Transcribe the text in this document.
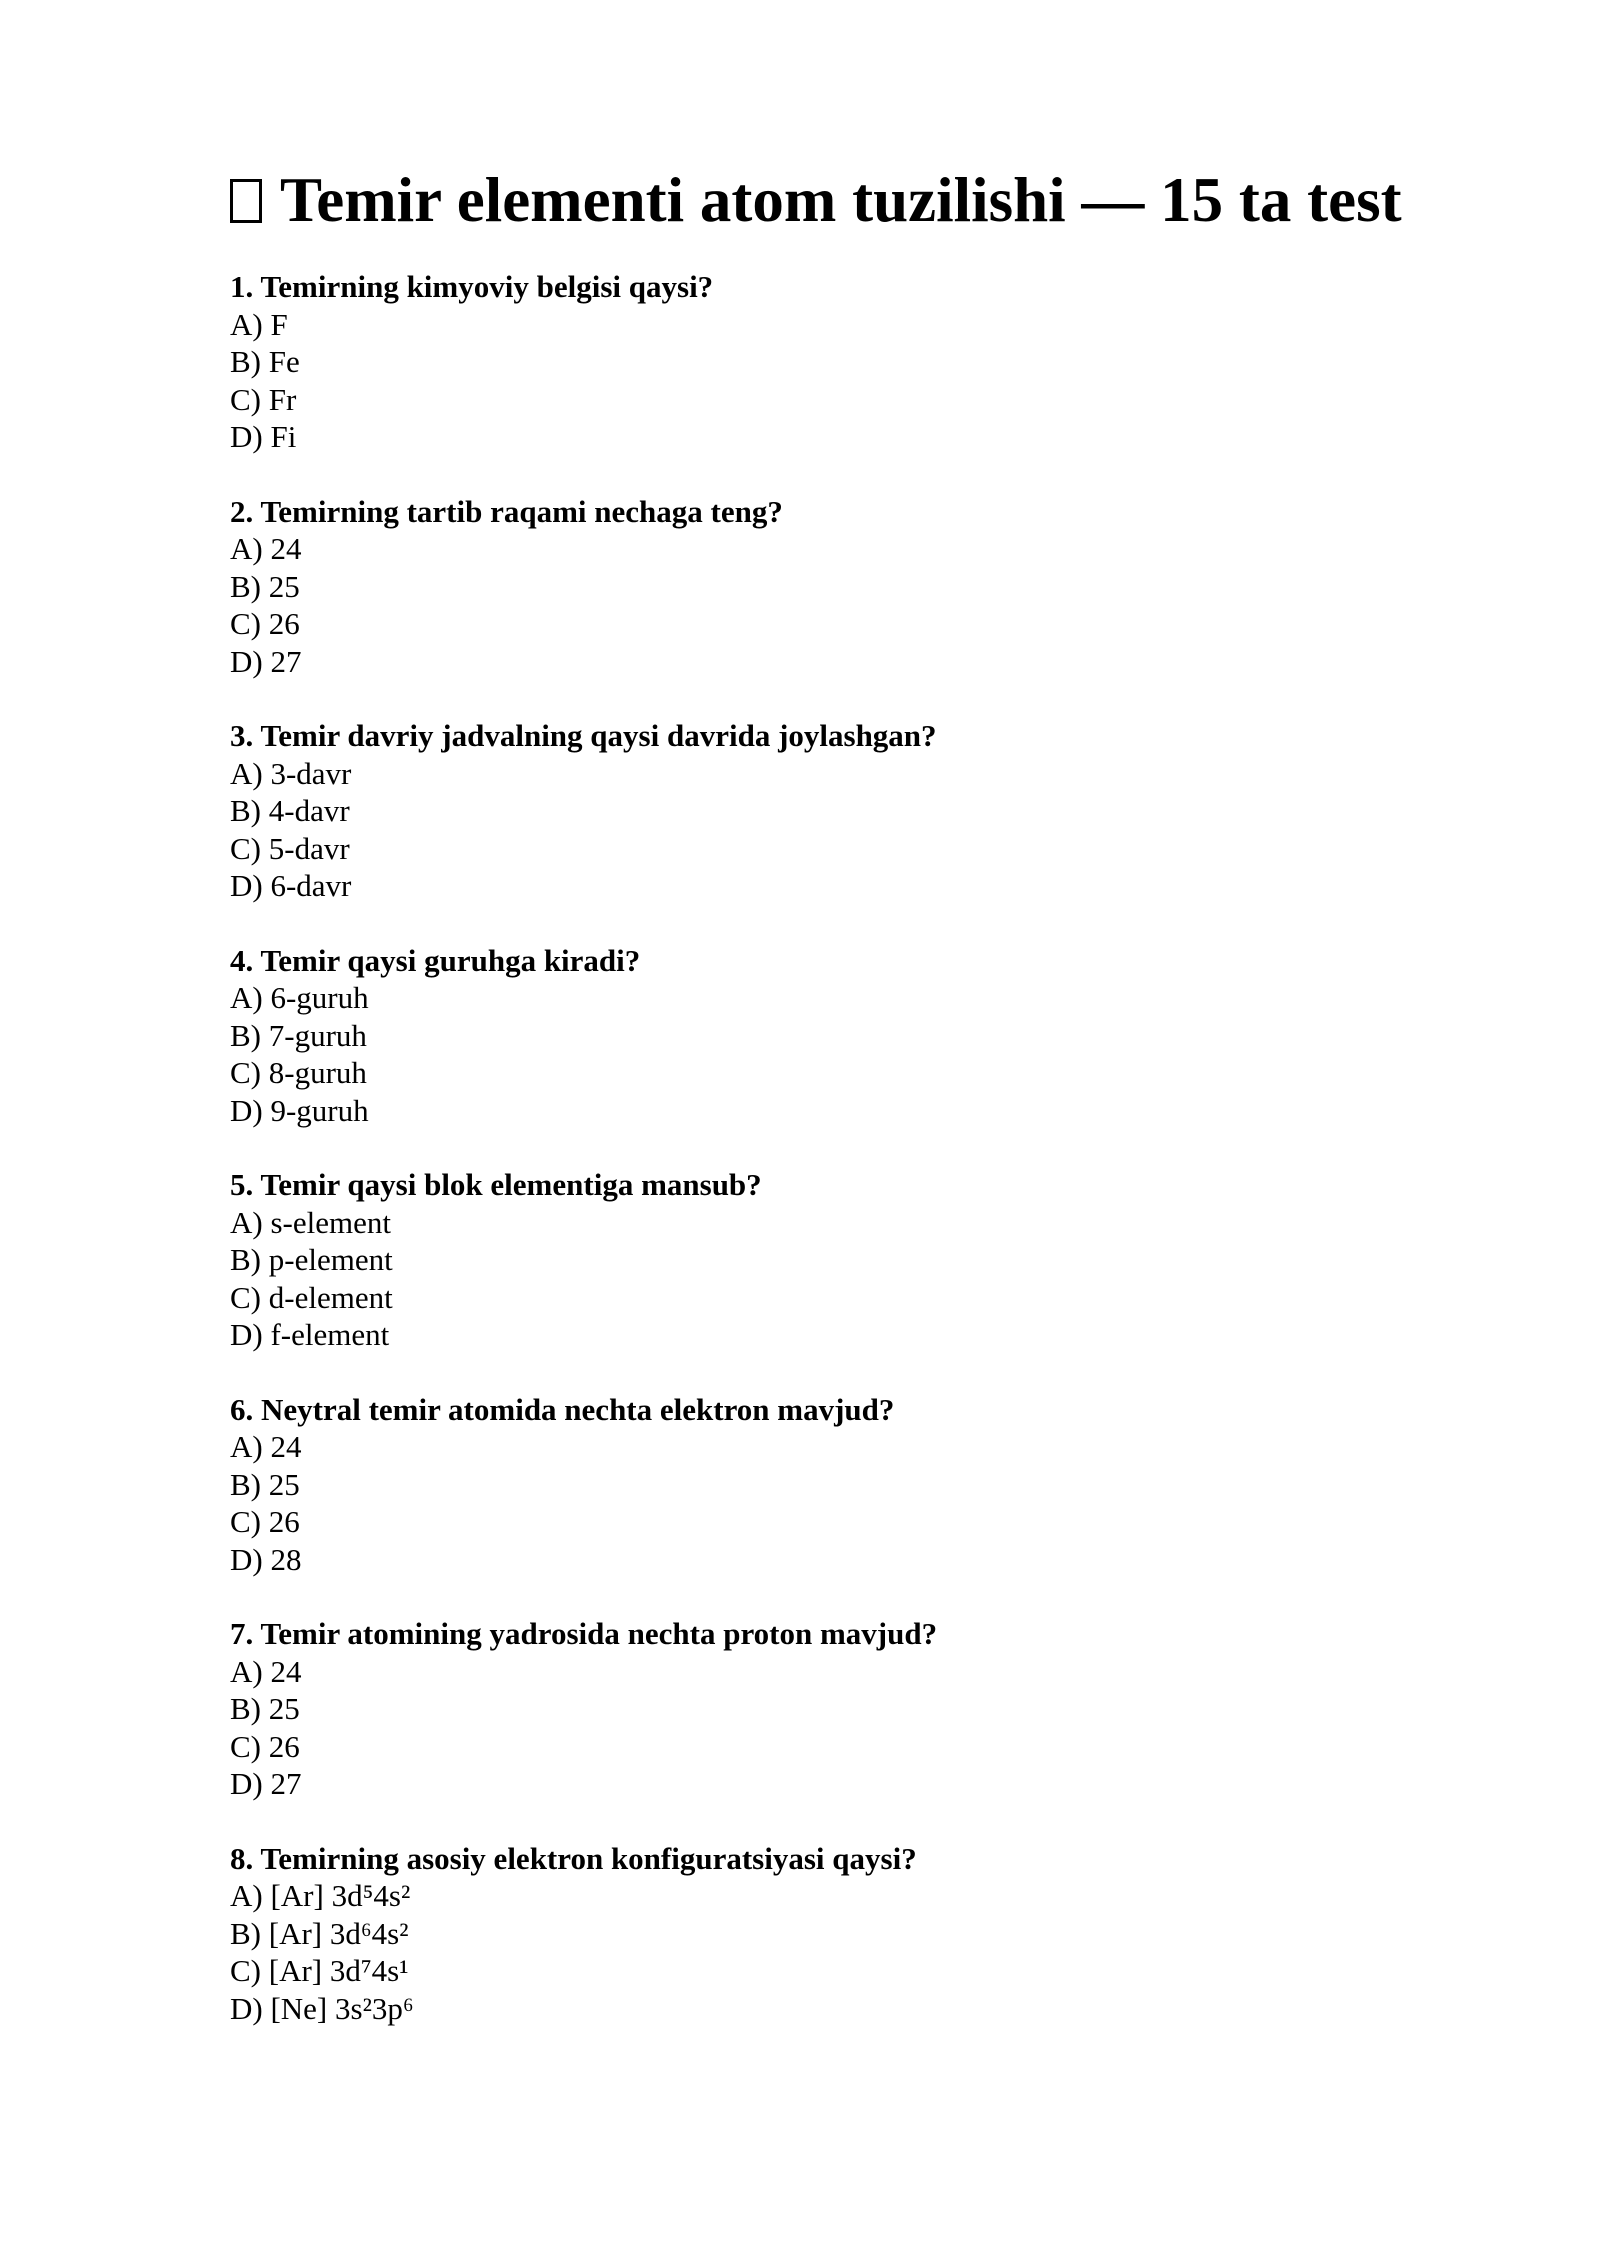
Temir elementi atom tuzilishi — 15 ta test

1. Temirning kimyoviy belgisi qaysi?

A) F

B) Fe

C) Fr

D) Fi

2. Temirning tartib raqami nechaga teng?

A) 24

B) 25

C) 26

D) 27

3. Temir davriy jadvalning qaysi davrida joylashgan?

A) 3-davr

B) 4-davr

C) 5-davr

D) 6-davr

4. Temir qaysi guruhga kiradi?

A) 6-guruh

B) 7-guruh

C) 8-guruh

D) 9-guruh

5. Temir qaysi blok elementiga mansub?

A) s-element

B) p-element

C) d-element

D) f-element

6. Neytral temir atomida nechta elektron mavjud?

A) 24

B) 25

C) 26

D) 28

7. Temir atomining yadrosida nechta proton mavjud?

A) 24

B) 25

C) 26

D) 27

8. Temirning asosiy elektron konfiguratsiyasi qaysi?

A) [Ar] 3d⁵4s²

B) [Ar] 3d⁶4s²

C) [Ar] 3d⁷4s¹

D) [Ne] 3s²3p⁶
